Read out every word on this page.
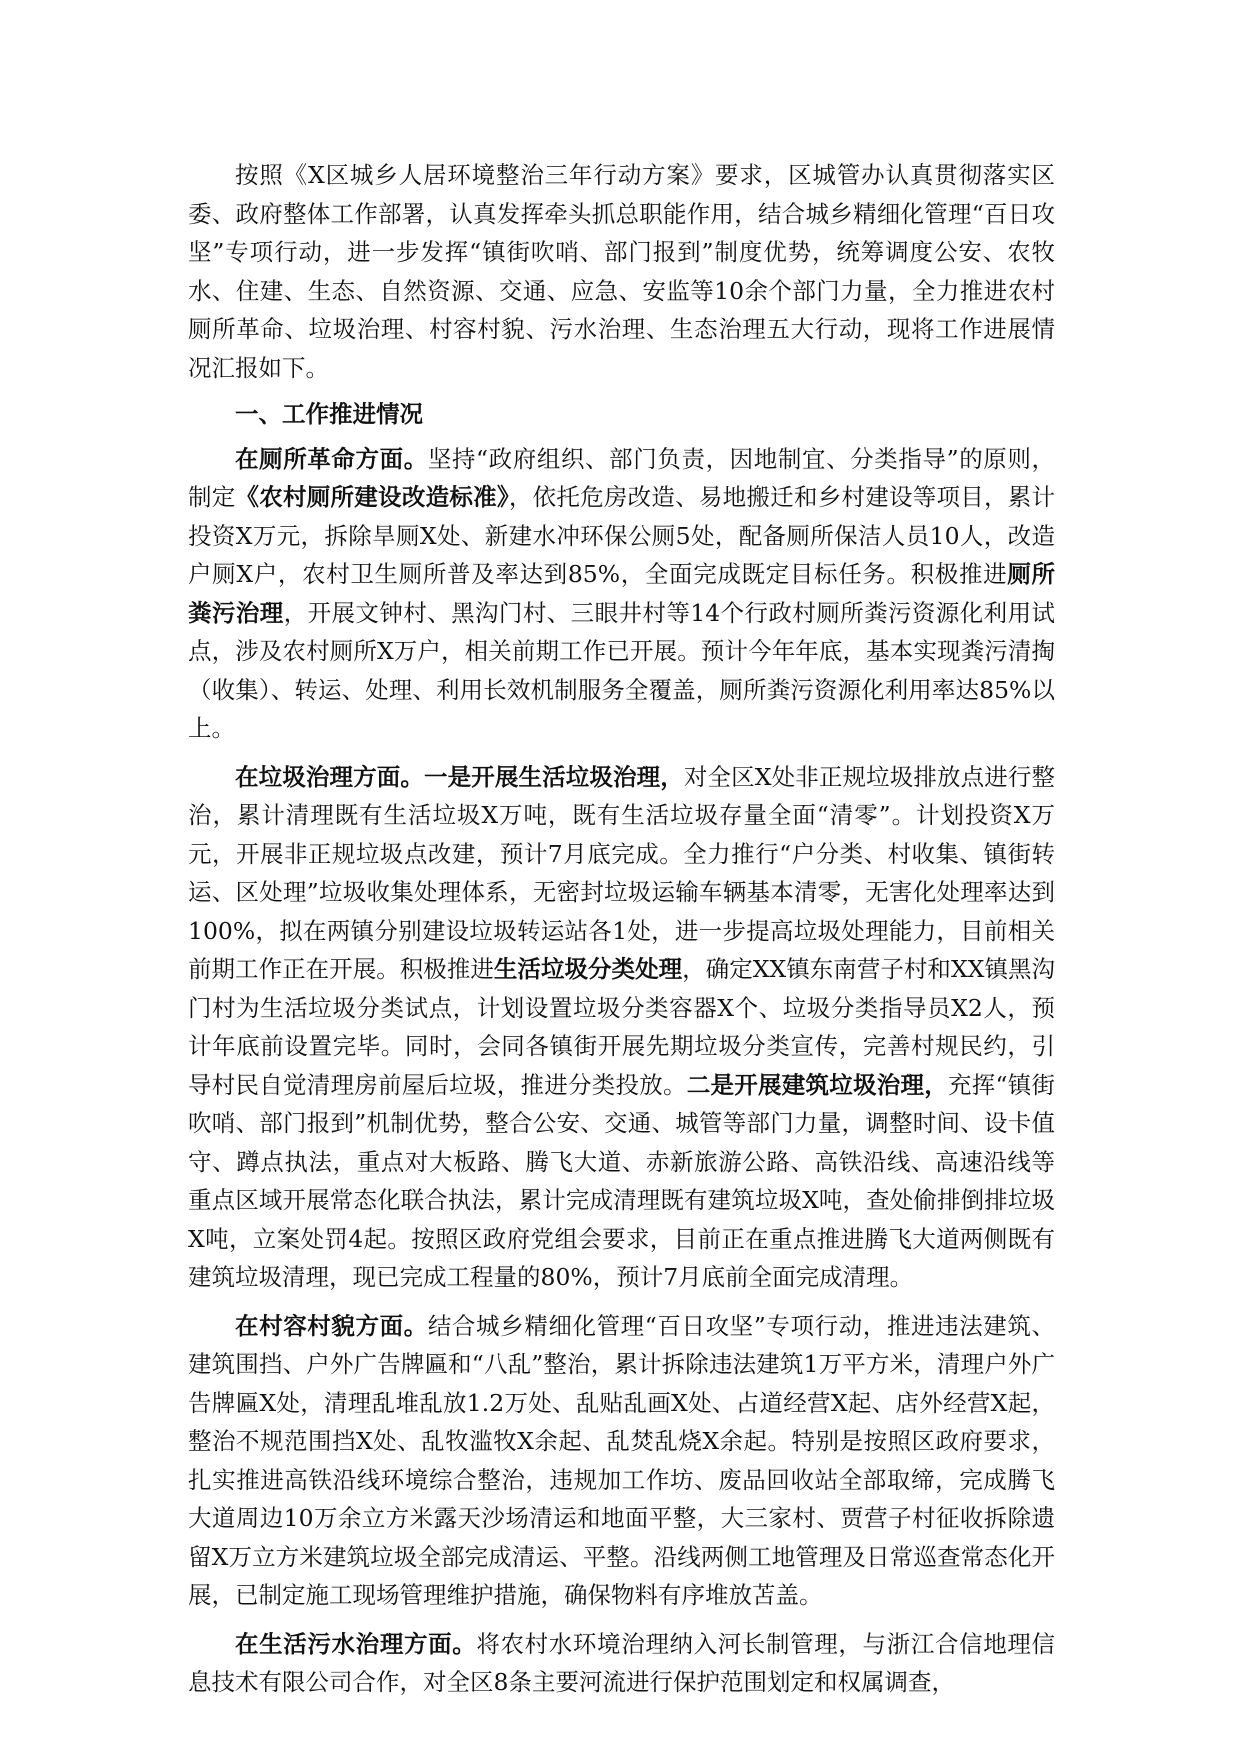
按照《X区城乡人居环境整治三年行动方案》要求，区城管办认真贯彻落实区委、政府整体工作部署，认真发挥牵头抓总职能作用，结合城乡精细化管理“百日攻坚”专项行动，进一步发挥“镇街吹哨、部门报到”制度优势，统筹调度公安、农牧水、住建、生态、自然资源、交通、应急、安监等10余个部门力量，全力推进农村厕所革命、垃圾治理、村容村貌、污水治理、生态治理五大行动，现将工作进展情况汇报如下。

一、工作推进情况

在厕所革命方面。坚持“政府组织、部门负责，因地制宜、分类指导”的原则，制定《农村厕所建设改造标准》，依托危房改造、易地搬迁和乡村建设等项目，累计投资X万元，拆除旱厕X处、新建水冲环保公厕5处，配备厕所保洁人员10人，改造户厕X户，农村卫生厕所普及率达到85%，全面完成既定目标任务。积极推进厕所粪污治理，开展文钟村、黑沟门村、三眼井村等14个行政村厕所粪污资源化利用试点，涉及农村厕所X万户，相关前期工作已开展。预计今年年底，基本实现粪污清掏（收集）、转运、处理、利用长效机制服务全覆盖，厕所粪污资源化利用率达85%以上。

在垃圾治理方面。一是开展生活垃圾治理，对全区X处非正规垃圾排放点进行整治，累计清理既有生活垃圾X万吨，既有生活垃圾存量全面“清零”。计划投资X万元，开展非正规垃圾点改建，预计7月底完成。全力推行“户分类、村收集、镇街转运、区处理”垃圾收集处理体系，无密封垃圾运输车辆基本清零，无害化处理率达到100%，拟在两镇分别建设垃圾转运站各1处，进一步提高垃圾处理能力，目前相关前期工作正在开展。积极推进生活垃圾分类处理，确定XX镇东南营子村和XX镇黑沟门村为生活垃圾分类试点，计划设置垃圾分类容器X个、垃圾分类指导员X2人，预计年底前设置完毕。同时，会同各镇街开展先期垃圾分类宣传，完善村规民约，引导村民自觉清理房前屋后垃圾，推进分类投放。二是开展建筑垃圾治理，充挥“镇街吹哨、部门报到”机制优势，整合公安、交通、城管等部门力量，调整时间、设卡值守、蹲点执法，重点对大板路、腾飞大道、赤新旅游公路、高铁沿线、高速沿线等重点区域开展常态化联合执法，累计完成清理既有建筑垃圾X吨，查处偷排倒排垃圾X吨，立案处罚4起。按照区政府党组会要求，目前正在重点推进腾飞大道两侧既有建筑垃圾清理，现已完成工程量的80%，预计7月底前全面完成清理。

在村容村貌方面。结合城乡精细化管理“百日攻坚”专项行动，推进违法建筑、建筑围挡、户外广告牌匾和“八乱”整治，累计拆除违法建筑1万平方米，清理户外广告牌匾X处，清理乱堆乱放1.2万处、乱贴乱画X处、占道经营X起、店外经营X起，整治不规范围挡X处、乱牧滥牧X余起、乱焚乱烧X余起。特别是按照区政府要求，扎实推进高铁沿线环境综合整治，违规加工作坊、废品回收站全部取缔，完成腾飞大道周边10万余立方米露天沙场清运和地面平整，大三家村、贾营子村征收拆除遗留X万立方米建筑垃圾全部完成清运、平整。沿线两侧工地管理及日常巡查常态化开展，已制定施工现场管理维护措施，确保物料有序堆放苫盖。

在生活污水治理方面。将农村水环境治理纳入河长制管理，与浙江合信地理信息技术有限公司合作，对全区8条主要河流进行保护范围划定和权属调查，
